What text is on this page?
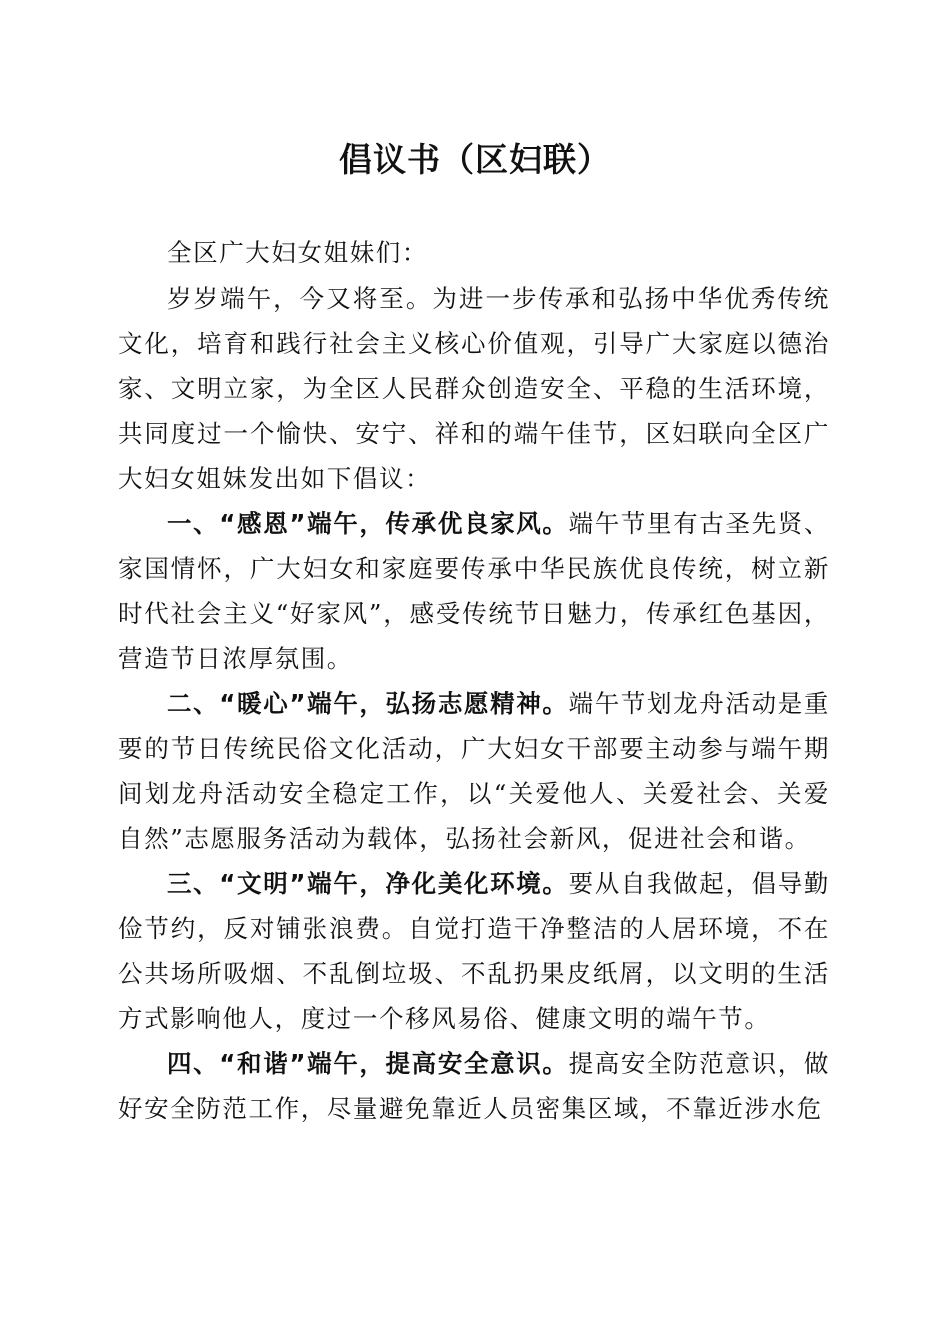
倡议书（区妇联）

全区广大妇女姐妹们：

岁岁端午，今又将至。为进一步传承和弘扬中华优秀传统文化，培育和践行社会主义核心价值观，引导广大家庭以德治家、文明立家，为全区人民群众创造安全、平稳的生活环境，共同度过一个愉快、安宁、祥和的端午佳节，区妇联向全区广大妇女姐妹发出如下倡议：

一、“感恩”端午，传承优良家风。端午节里有古圣先贤、家国情怀，广大妇女和家庭要传承中华民族优良传统，树立新时代社会主义“好家风”，感受传统节日魅力，传承红色基因，营造节日浓厚氛围。

二、“暖心”端午，弘扬志愿精神。端午节划龙舟活动是重要的节日传统民俗文化活动，广大妇女干部要主动参与端午期间划龙舟活动安全稳定工作，以“关爱他人、关爱社会、关爱自然”志愿服务活动为载体，弘扬社会新风，促进社会和谐。

三、“文明”端午，净化美化环境。要从自我做起，倡导勤俭节约，反对铺张浪费。自觉打造干净整洁的人居环境，不在公共场所吸烟、不乱倒垃圾、不乱扔果皮纸屑，以文明的生活方式影响他人，度过一个移风易俗、健康文明的端午节。

四、“和谐”端午，提高安全意识。提高安全防范意识，做好安全防范工作，尽量避免靠近人员密集区域，不靠近涉水危
